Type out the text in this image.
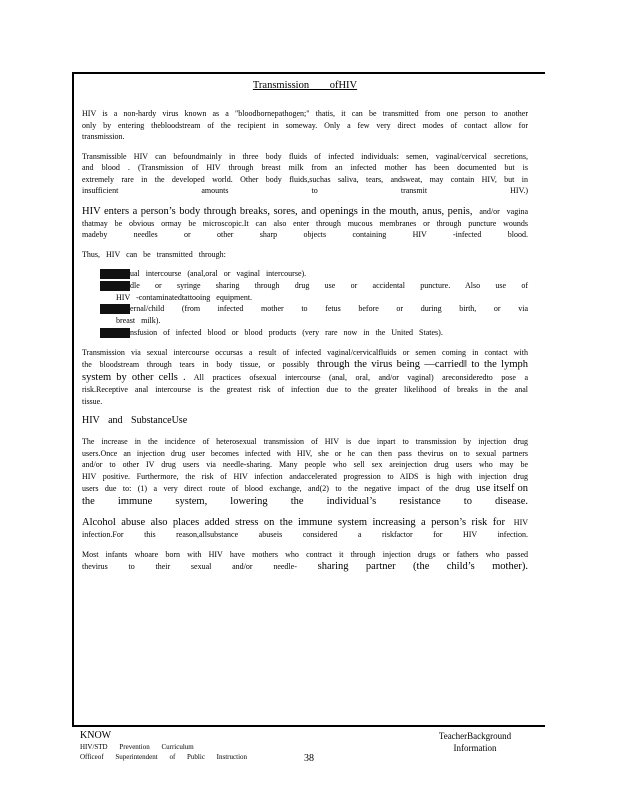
Transmission ofHIV

HIV is a non-hardy virus known as a "bloodbornepathogen;" thatis, it can be transmitted from one person to another only by entering thebloodstream of the recipient in someway. Only a few very direct modes of contact allow for transmission.

Transmissible HIV can befoundmainly in three body fluids of infected individuals: semen, vaginal/cervical secretions, and blood . (Transmission of HIV through breast milk from an infected mother has been documented but is extremely rare in the developed world. Other body fluids,suchas saliva, tears, andsweat, may contain HIV, but in insufficient amounts to transmit HIV.)

HIV enters a person’s body through breaks, sores, and openings in the mouth, anus, penis, and/or vagina thatmay be obvious ormay be microscopic.It can also enter through mucous membranes or through puncture wounds madeby needles or other sharp objects containing HIV -infected blood.

Thus, HIV can be transmitted through:

ual intercourse (anal,oral or vaginal intercourse).
dle or syringe sharing through drug use or accidental puncture. Also use of
HIV -contaminatedtattooing equipment.
ernal/child (from infected mother to fetus before or during birth, or via
breast milk).
nsfusion of infected blood or blood products (very rare now in the United States).

Transmission via sexual intercourse occursas a result of infected vaginal/cervicalfluids or semen coming in contact with the bloodstream through tears in body tissue, or possibly through the virus being ―carried‖ to the lymph system by other cells . All practices ofsexual intercourse (anal, oral, and/or vaginal) areconsideredto pose a risk.Receptive anal intercourse is the greatest risk of infection due to the greater likelihood of breaks in the anal tissue.

HIV and SubstanceUse

The increase in the incidence of heterosexual transmission of HIV is due inpart to transmission by injection drug users.Once an injection drug user becomes infected with HIV, she or he can then pass thevirus on to sexual partners and/or to other IV drug users via needle-sharing. Many people who sell sex areinjection drug users who may be HIV positive. Furthermore, the risk of HIV infection andaccelerated progression to AIDS is high with injection drug users due to: (1) a very direct route of blood exchange, and(2) to the negative impact of the drug use itself on the immune system, lowering the individual’s resistance to disease.

Alcohol abuse also places added stress on the immune system increasing a person’s risk for HIV infection.For this reason,allsubstance abuseis considered a riskfactor for HIV infection.

Most infants whoare born with HIV have mothers who contract it through injection drugs or fathers who passed thevirus to their sexual and/or needle- sharing partner (the child’s mother).

KNOW
HIV/STD Prevention Curriculum
Officeof Superintendent of Public Instruction	38
TeacherBackground
Information
